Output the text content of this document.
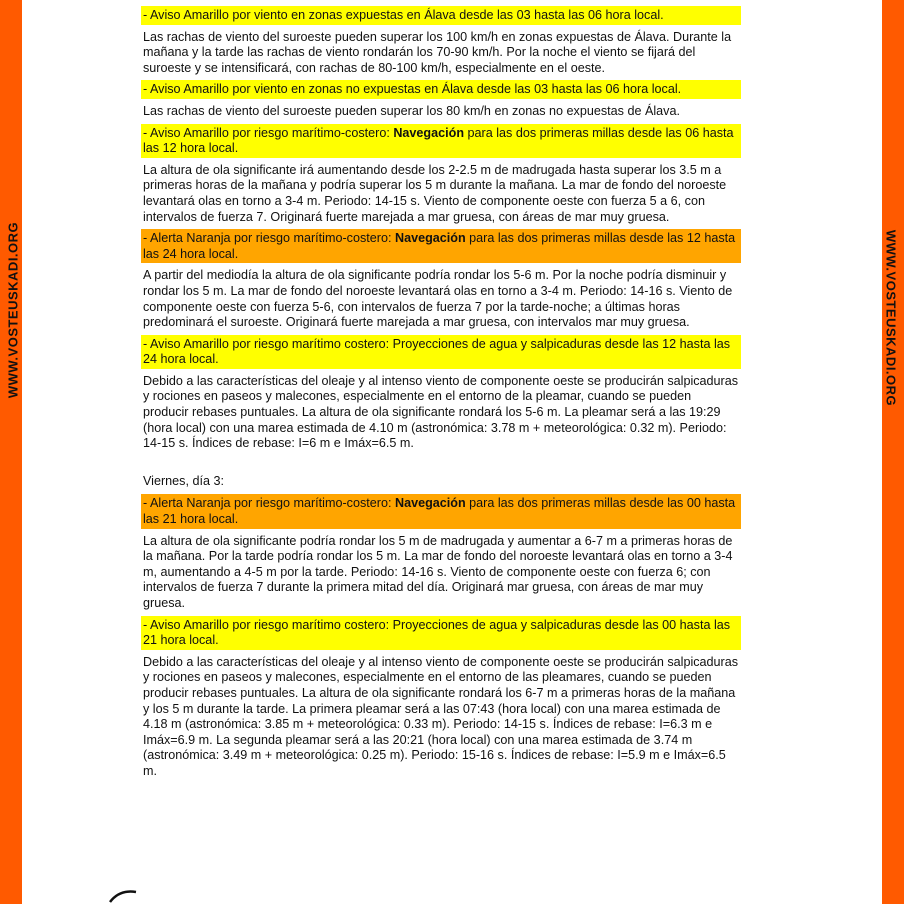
WWW.VOSTEUSKADI.ORG	WWW.VOSTEUSKADI.ORG
- Aviso Amarillo por viento en zonas expuestas en Álava desde las 03 hasta las 06 hora local.
Las rachas de viento del suroeste pueden superar los 100 km/h en zonas expuestas de Álava. Durante la mañana y la tarde las rachas de viento rondarán los 70-90 km/h. Por la noche el viento se fijará del suroeste y se intensificará, con rachas de 80-100 km/h, especialmente en el oeste.
- Aviso Amarillo por viento en zonas no expuestas en Álava desde las 03 hasta las 06 hora local.
Las rachas de viento del suroeste pueden superar los 80 km/h en zonas no expuestas de Álava.
- Aviso Amarillo por riesgo marítimo-costero: Navegación para las dos primeras millas desde las 06 hasta las 12 hora local.
La altura de ola significante irá aumentando desde los 2-2.5 m de madrugada hasta superar los 3.5 m a primeras horas de la mañana y podría superar los 5 m durante la mañana. La mar de fondo del noroeste levantará olas en torno a 3-4 m. Periodo: 14-15 s. Viento de componente oeste con fuerza 5 a 6, con intervalos de fuerza 7. Originará fuerte marejada a mar gruesa, con áreas de mar muy gruesa.
- Alerta Naranja por riesgo marítimo-costero: Navegación para las dos primeras millas desde las 12 hasta las 24 hora local.
A partir del mediodía la altura de ola significante podría rondar los 5-6 m. Por la noche podría disminuir y rondar los 5 m. La mar de fondo del noroeste levantará olas en torno a 3-4 m. Periodo: 14-16 s. Viento de componente oeste con fuerza 5-6, con intervalos de fuerza 7 por la tarde-noche; a últimas horas predominará el suroeste. Originará fuerte marejada a mar gruesa, con intervalos mar muy gruesa.
- Aviso Amarillo por riesgo marítimo costero: Proyecciones de agua y salpicaduras desde las 12 hasta las 24 hora local.
Debido a las características del oleaje y al intenso viento de componente oeste se producirán salpicaduras y rociones en paseos y malecones, especialmente en el entorno de la pleamar, cuando se pueden producir rebases puntuales. La altura de ola significante rondará los 5-6 m. La pleamar será a las 19:29 (hora local) con una marea estimada de 4.10 m (astronómica: 3.78 m + meteorológica: 0.32 m). Periodo: 14-15 s. Índices de rebase: I=6 m e Imáx=6.5 m.
Viernes, día 3:
- Alerta Naranja por riesgo marítimo-costero: Navegación para las dos primeras millas desde las 00 hasta las 21 hora local.
La altura de ola significante podría rondar los 5 m de madrugada y aumentar a 6-7 m a primeras horas de la mañana. Por la tarde podría rondar los 5 m. La mar de fondo del noroeste levantará olas en torno a 3-4 m, aumentando a 4-5 m por la tarde. Periodo: 14-16 s. Viento de componente oeste con fuerza 6; con intervalos de fuerza 7 durante la primera mitad del día. Originará mar gruesa, con áreas de mar muy gruesa.
- Aviso Amarillo por riesgo marítimo costero: Proyecciones de agua y salpicaduras desde las 00 hasta las 21 hora local.
Debido a las características del oleaje y al intenso viento de componente oeste se producirán salpicaduras y rociones en paseos y malecones, especialmente en el entorno de las pleamares, cuando se pueden producir rebases puntuales. La altura de ola significante rondará los 6-7 m a primeras horas de la mañana y los 5 m durante la tarde. La primera pleamar será a las 07:43 (hora local) con una marea estimada de 4.18 m (astronómica: 3.85 m + meteorológica: 0.33 m). Periodo: 14-15 s. Índices de rebase: I=6.3 m e Imáx=6.9 m. La segunda pleamar será a las 20:21 (hora local) con una marea estimada de 3.74 m (astronómica: 3.49 m + meteorológica: 0.25 m). Periodo: 15-16 s. Índices de rebase: I=5.9 m e Imáx=6.5 m.
